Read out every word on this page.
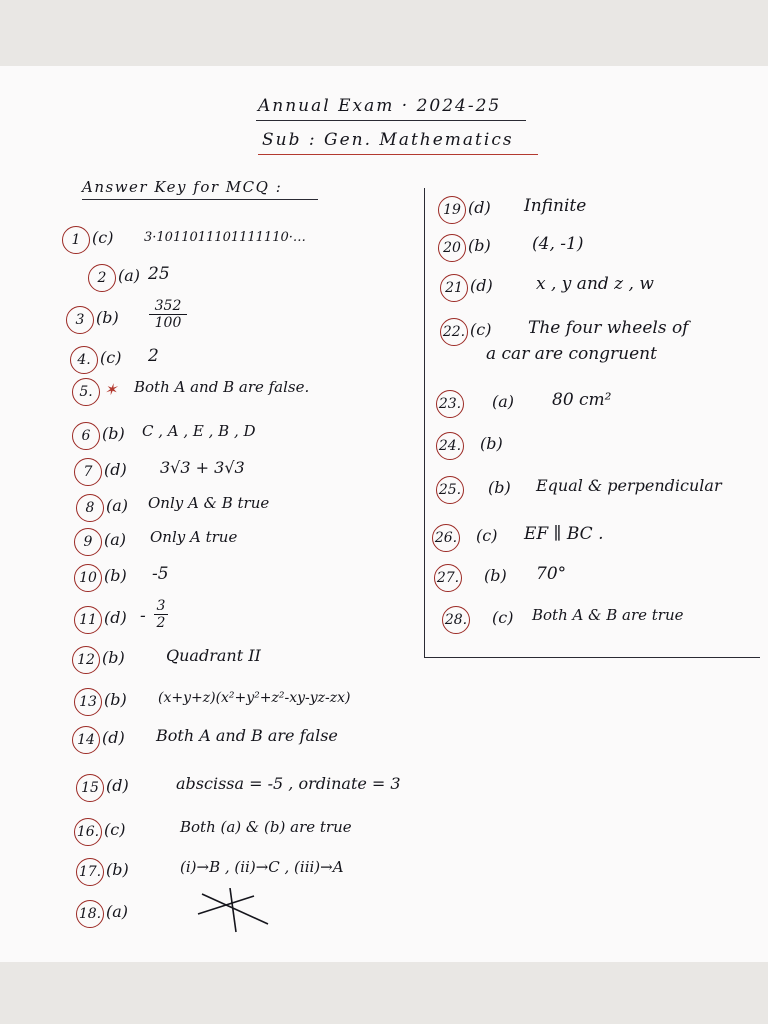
Annual Exam · 2024-25
Sub : Gen. Mathematics
Answer Key for MCQ :
1 (c) 3·1011011101111110·…
2 (a) 25
3 (b)
352
100
4. (c) 2
5. ✶ Both A and B are false.
6 (b) C , A , E , B , D
7 (d) 3√3 + 3√3
8 (a) Only A & B true
9 (a) Only A true
10 (b) -5
11 (d) - 3
2
12 (b)	Quadrant II
13 (b) (x+y+z)(x²+y²+z²-xy-yz-zx)
14 (d) Both A and B are false
15 (d)	abscissa = -5 , ordinate = 3
16. (c)	Both (a) & (b) are true
17. (b)	(i)→B , (ii)→C , (iii)→A
18. (a)
19 (d) Infinite
20 (b) (4, -1)
21 (d)	x , y and z , w
22. (c) The four wheels of
a car are congruent
23. (a) 80 cm²
24. (b)
25. (b) Equal & perpendicular
26. (c) EF ∥ BC .
27. (b) 70°
28. (c) Both A & B are true
